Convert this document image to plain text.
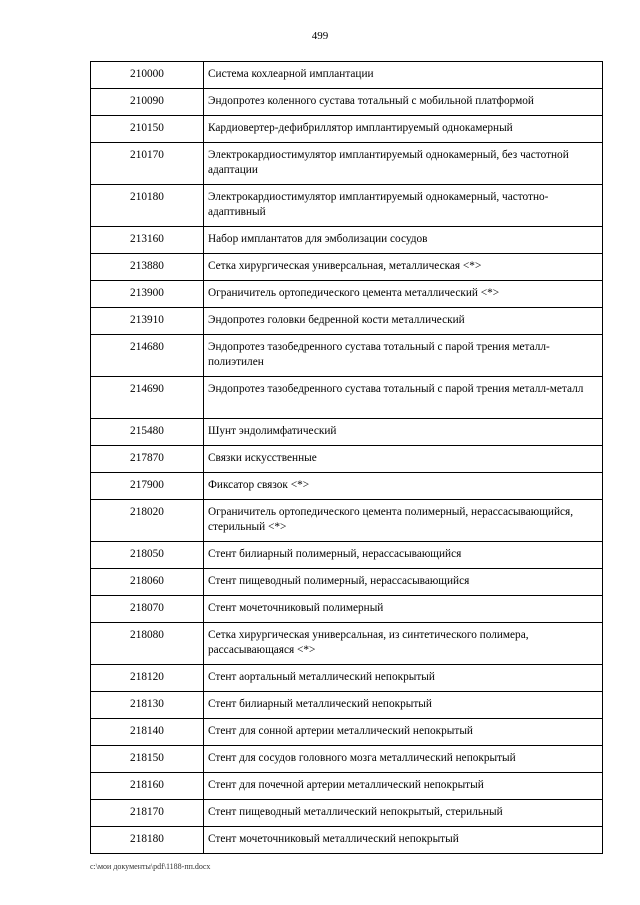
499
210000	Система кохлеарной имплантации
210090	Эндопротез коленного сустава тотальный с мобильной платформой
210150	Кардиовертер-дефибриллятор имплантируемый однокамерный
210170	Электрокардиостимулятор имплантируемый однокамерный, без частотной адаптации
210180	Электрокардиостимулятор имплантируемый однокамерный, частотно-адаптивный
213160	Набор имплантатов для эмболизации сосудов
213880	Сетка хирургическая универсальная, металлическая <*>
213900	Ограничитель ортопедического цемента металлический <*>
213910	Эндопротез головки бедренной кости металлический
214680	Эндопротез тазобедренного сустава тотальный с парой трения металл-полиэтилен
214690	Эндопротез тазобедренного сустава тотальный с парой трения металл-металл
215480	Шунт эндолимфатический
217870	Связки искусственные
217900	Фиксатор связок <*>
218020	Ограничитель ортопедического цемента полимерный, нерассасывающийся, стерильный <*>
218050	Стент билиарный полимерный, нерассасывающийся
218060	Стент пищеводный полимерный, нерассасывающийся
218070	Стент мочеточниковый полимерный
218080	Сетка хирургическая универсальная, из синтетического полимера, рассасывающаяся <*>
218120	Стент аортальный металлический непокрытый
218130	Стент билиарный металлический непокрытый
218140	Стент для сонной артерии металлический непокрытый
218150	Стент для сосудов головного мозга металлический непокрытый
218160	Стент для почечной артерии металлический непокрытый
218170	Стент пищеводный металлический непокрытый, стерильный
218180	Стент мочеточниковый металлический непокрытый
c:\мои документы\pdf\1188-пп.docx
